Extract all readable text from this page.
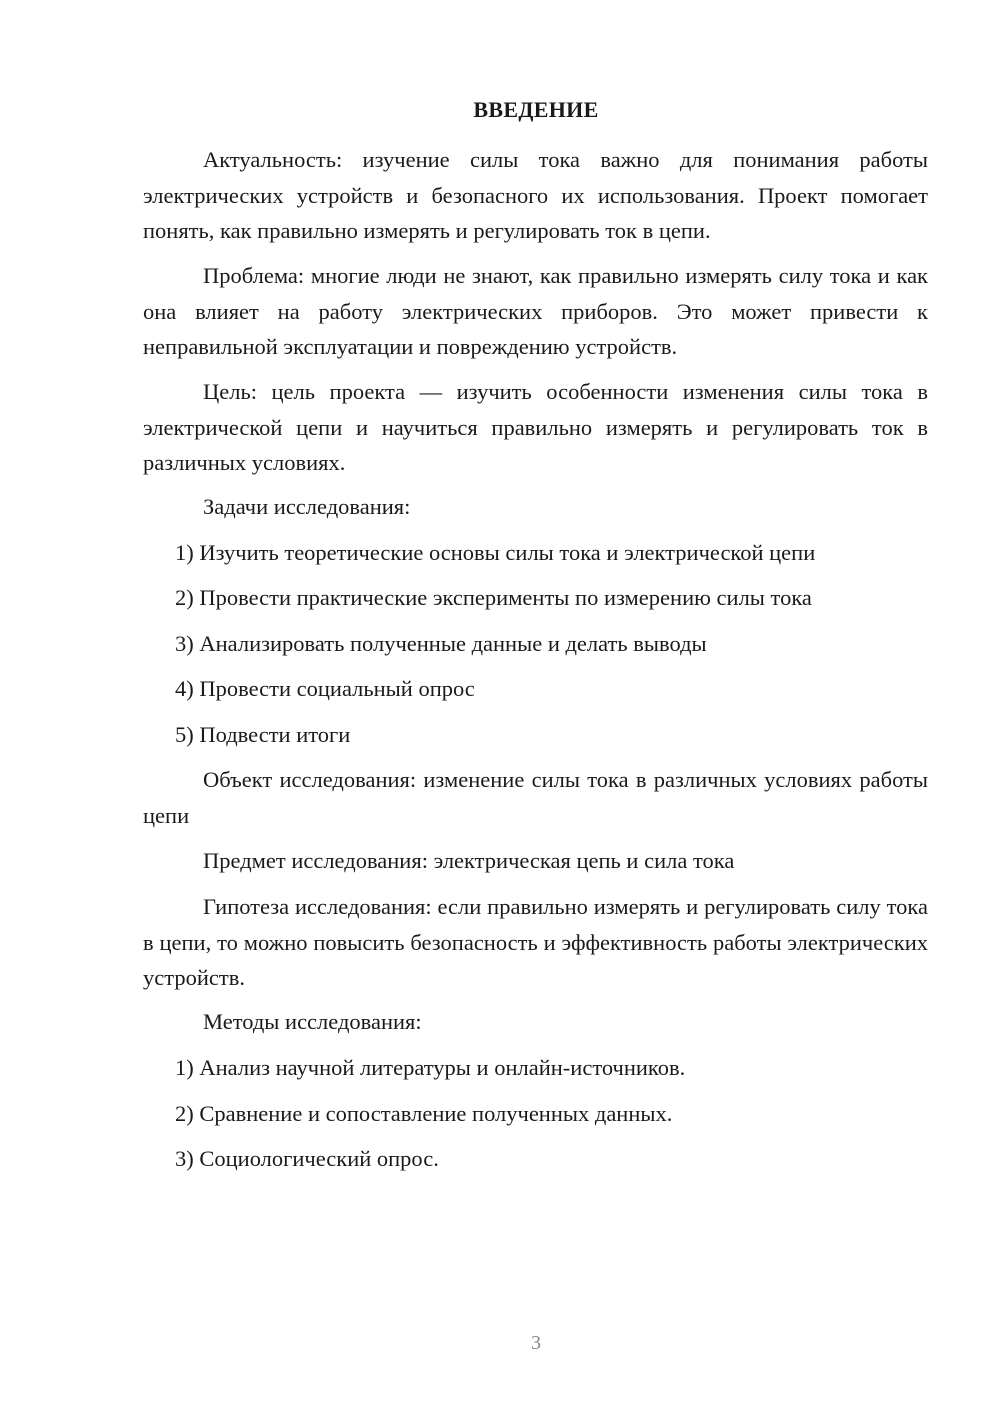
ВВЕДЕНИЕ

Актуальность: изучение силы тока важно для понимания работы электрических устройств и безопасного их использования. Проект помогает понять, как правильно измерять и регулировать ток в цепи.

Проблема: многие люди не знают, как правильно измерять силу тока и как она влияет на работу электрических приборов. Это может привести к неправильной эксплуатации и повреждению устройств.

Цель: цель проекта — изучить особенности изменения силы тока в электрической цепи и научиться правильно измерять и регулировать ток в различных условиях.

Задачи исследования:

1) Изучить теоретические основы силы тока и электрической цепи

2) Провести практические эксперименты по измерению силы тока

3) Анализировать полученные данные и делать выводы

4) Провести социальный опрос

5) Подвести итоги

Объект исследования: изменение силы тока в различных условиях работы цепи

Предмет исследования: электрическая цепь и сила тока

Гипотеза исследования: если правильно измерять и регулировать силу тока в цепи, то можно повысить безопасность и эффективность работы электрических устройств.

Методы исследования:

1) Анализ научной литературы и онлайн-источников.

2) Сравнение и сопоставление полученных данных.

3) Социологический опрос.

3
